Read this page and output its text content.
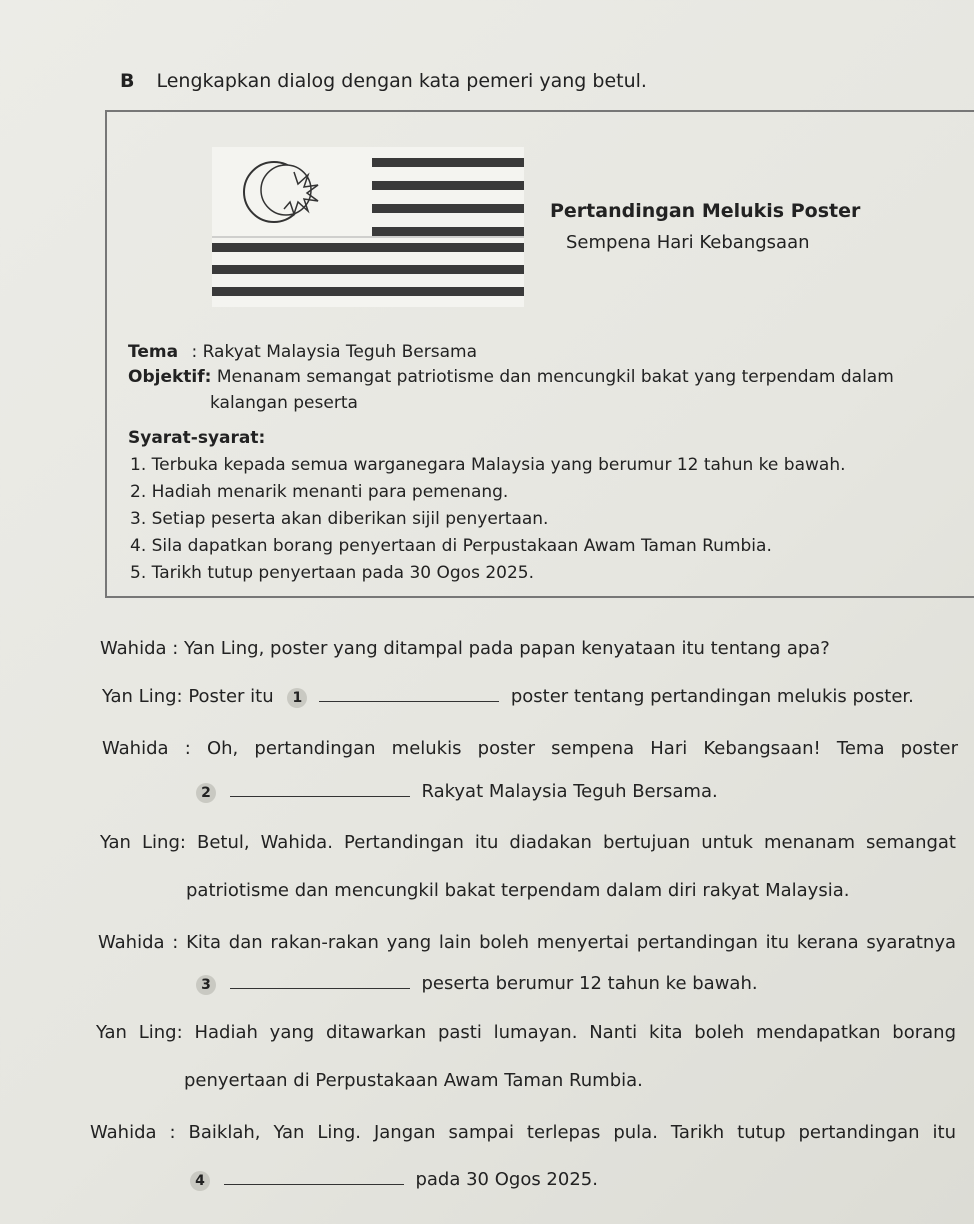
B Lengkapkan dialog dengan kata pemeri yang betul.
Pertandingan Melukis Poster
Sempena Hari Kebangsaan
Tema : Rakyat Malaysia Teguh Bersama
Objektif: Menanam semangat patriotisme dan mencungkil bakat yang terpendam dalam
kalangan peserta
Syarat-syarat:
1. Terbuka kepada semua warganegara Malaysia yang berumur 12 tahun ke bawah.
2. Hadiah menarik menanti para pemenang.
3. Setiap peserta akan diberikan sijil penyertaan.
4. Sila dapatkan borang penyertaan di Perpustakaan Awam Taman Rumbia.
5. Tarikh tutup penyertaan pada 30 Ogos 2025.
Wahida : Yan Ling, poster yang ditampal pada papan kenyataan itu tentang apa?
Yan Ling: Poster itu 1	poster tentang pertandingan melukis poster.
Wahida : Oh, pertandingan melukis poster sempena Hari Kebangsaan! Tema poster
2	Rakyat Malaysia Teguh Bersama.
Yan Ling: Betul, Wahida. Pertandingan itu diadakan bertujuan untuk menanam semangat
patriotisme dan mencungkil bakat terpendam dalam diri rakyat Malaysia.
Wahida : Kita dan rakan-rakan yang lain boleh menyertai pertandingan itu kerana syaratnya
3	peserta berumur 12 tahun ke bawah.
Yan Ling: Hadiah yang ditawarkan pasti lumayan. Nanti kita boleh mendapatkan borang
penyertaan di Perpustakaan Awam Taman Rumbia.
Wahida : Baiklah, Yan Ling. Jangan sampai terlepas pula. Tarikh tutup pertandingan itu
4	pada 30 Ogos 2025.
